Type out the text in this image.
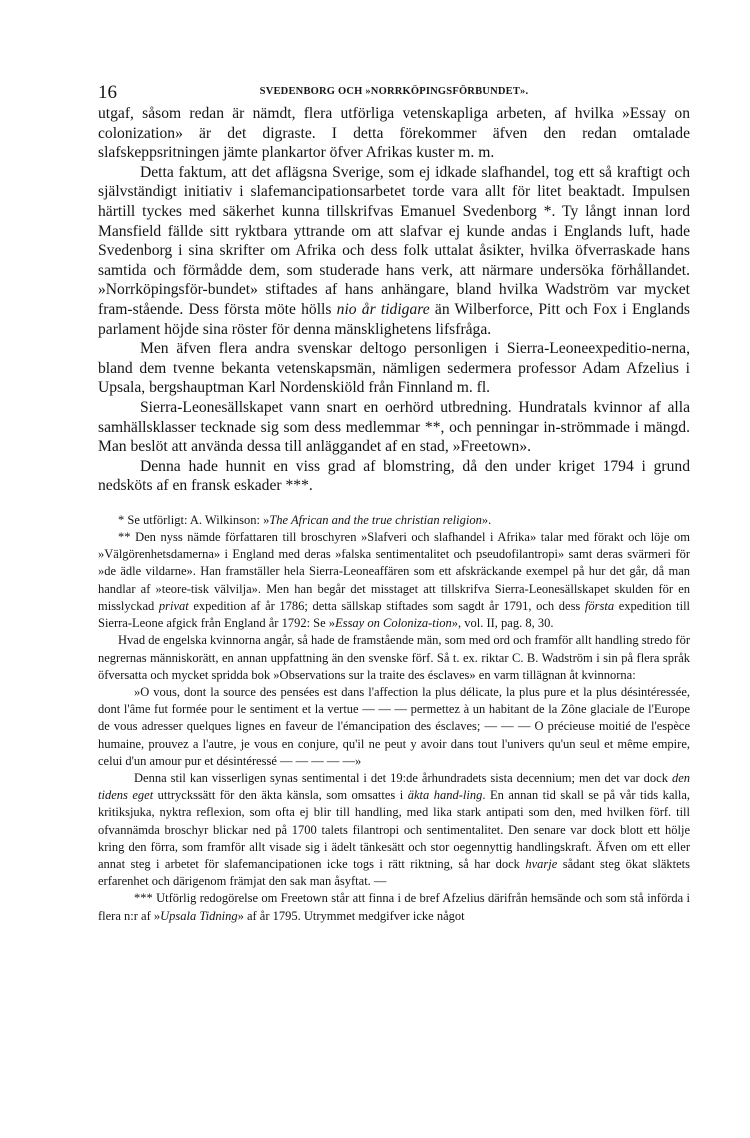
16	SVEDENBORG OCH »NORRKÖPINGSFÖRBUNDET».

utgaf, såsom redan är nämdt, flera utförliga vetenskapliga arbeten, af hvilka »Essay on colonization» är det digraste. I detta förekommer äfven den redan omtalade slafskeppsritningen jämte plankartor öfver Afrikas kuster m. m.

Detta faktum, att det aflägsna Sverige, som ej idkade slafhandel, tog ett så kraftigt och självständigt initiativ i slafemancipationsarbetet torde vara allt för litet beaktadt. Impulsen härtill tyckes med säkerhet kunna tillskrifvas Emanuel Svedenborg *. Ty långt innan lord Mansfield fällde sitt ryktbara yttrande om att slafvar ej kunde andas i Englands luft, hade Svedenborg i sina skrifter om Afrika och dess folk uttalat åsikter, hvilka öfverraskade hans samtida och förmådde dem, som studerade hans verk, att närmare undersöka förhållandet. »Norrköpingsför-bundet» stiftades af hans anhängare, bland hvilka Wadström var mycket fram-stående. Dess första möte hölls nio år tidigare än Wilberforce, Pitt och Fox i Englands parlament höjde sina röster för denna mänsklighetens lifsfråga.

Men äfven flera andra svenskar deltogo personligen i Sierra-Leoneexpeditio-nerna, bland dem tvenne bekanta vetenskapsmän, nämligen sedermera professor Adam Afzelius i Upsala, bergshauptman Karl Nordenskiöld från Finnland m. fl.

Sierra-Leonesällskapet vann snart en oerhörd utbredning. Hundratals kvinnor af alla samhällsklasser tecknade sig som dess medlemmar **, och penningar in-strömmade i mängd. Man beslöt att använda dessa till anläggandet af en stad, »Freetown».

Denna hade hunnit en viss grad af blomstring, då den under kriget 1794 i grund nedsköts af en fransk eskader ***.

* Se utförligt: A. Wilkinson: »The African and the true christian religion».

** Den nyss nämde författaren till broschyren »Slafveri och slafhandel i Afrika» talar med förakt och löje om »Välgörenhetsdamerna» i England med deras »falska sentimentalitet och pseudofilantropi» samt deras svärmeri för »de ädle vildarne». Han framställer hela Sierra-Leoneaffären som ett afskräckande exempel på hur det går, då man handlar af »teore-tisk välvilja». Men han begår det misstaget att tillskrifva Sierra-Leonesällskapet skulden för en misslyckad privat expedition af år 1786; detta sällskap stiftades som sagdt år 1791, och dess första expedition till Sierra-Leone afgick från England år 1792: Se »Essay on Coloniza-tion», vol. II, pag. 8, 30.

Hvad de engelska kvinnorna angår, så hade de framstående män, som med ord och framför allt handling stredo för negrernas människorätt, en annan uppfattning än den svenske förf. Så t. ex. riktar C. B. Wadström i sin på flera språk öfversatta och mycket spridda bok »Observations sur la traite des ésclaves» en varm tillägnan åt kvinnorna:

»O vous, dont la source des pensées est dans l'affection la plus délicate, la plus pure et la plus désintéressée, dont l'âme fut formée pour le sentiment et la vertue — — — permettez à un habitant de la Zône glaciale de l'Europe de vous adresser quelques lignes en faveur de l'émancipation des ésclaves; — — — O précieuse moitié de l'espèce humaine, prouvez a l'autre, je vous en conjure, qu'il ne peut y avoir dans tout l'univers qu'un seul et même empire, celui d'un amour pur et désintéressé — — — — —»

Denna stil kan visserligen synas sentimental i det 19:de århundradets sista decennium; men det var dock den tidens eget uttryckssätt för den äkta känsla, som omsattes i äkta hand-ling. En annan tid skall se på vår tids kalla, kritiksjuka, nyktra reflexion, som ofta ej blir till handling, med lika stark antipati som den, med hvilken förf. till ofvannämda broschyr blickar ned på 1700 talets filantropi och sentimentalitet. Den senare var dock blott ett hölje kring den förra, som framför allt visade sig i ädelt tänkesätt och stor oegennyttig handlingskraft. Äfven om ett eller annat steg i arbetet för slafemancipationen icke togs i rätt riktning, så har dock hvarje sådant steg ökat släktets erfarenhet och därigenom främjat den sak man åsyftat. —

*** Utförlig redogörelse om Freetown står att finna i de bref Afzelius därifrån hemsände och som stå införda i flera n:r af »Upsala Tidning» af år 1795. Utrymmet medgifver icke något
